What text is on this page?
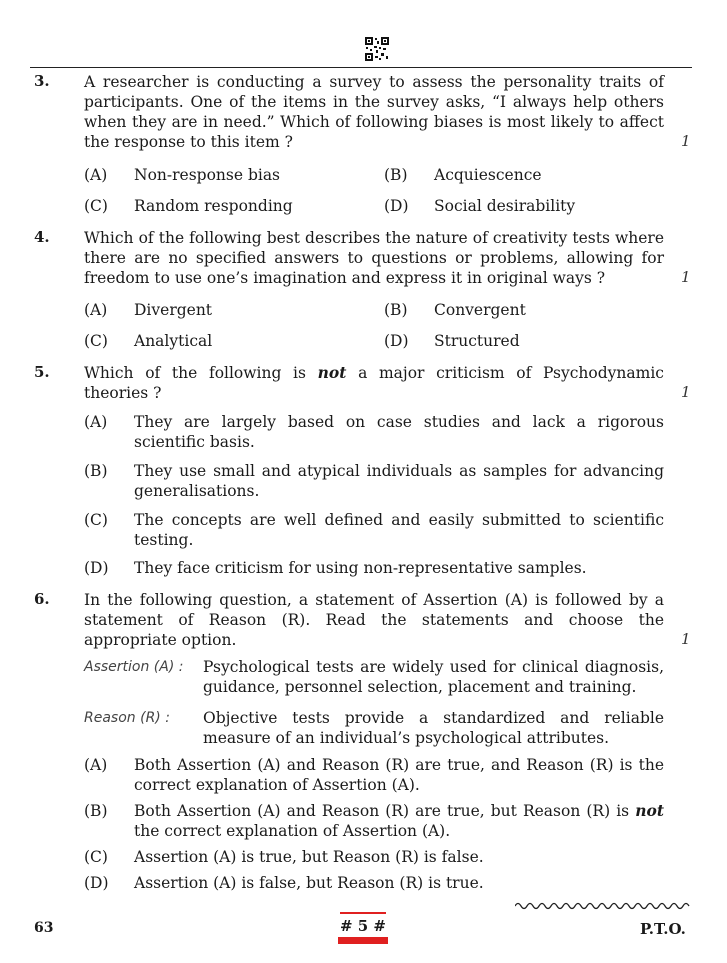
3. A researcher is conducting a survey to assess the personality traits of participants. One of the items in the survey asks, “I always help others when they are in need.” Which of following biases is most likely to affect the response to this item ?	1
(A) Non-response bias	(B) Acquiescence
(C) Random responding	(D) Social desirability
4. Which of the following best describes the nature of creativity tests where there are no specified answers to questions or problems, allowing for freedom to use one’s imagination and express it in original ways ?	1
(A) Divergent	(B) Convergent
(C) Analytical	(D) Structured
5. Which of the following is not a major criticism of Psychodynamic theories ?	1
(A) They are largely based on case studies and lack a rigorous scientific basis.
(B) They use small and atypical individuals as samples for advancing generalisations.
(C) The concepts are well defined and easily submitted to scientific testing.
(D) They face criticism for using non-representative samples.
6. In the following question, a statement of Assertion (A) is followed by a statement of Reason (R). Read the statements and choose the appropriate option.	1
Assertion (A) : Psychological tests are widely used for clinical diagnosis, guidance, personnel selection, placement and training.
Reason (R) : Objective tests provide a standardized and reliable measure of an individual’s psychological attributes.
(A) Both Assertion (A) and Reason (R) are true, and Reason (R) is the correct explanation of Assertion (A).
(B) Both Assertion (A) and Reason (R) are true, but Reason (R) is not the correct explanation of Assertion (A).
(C) Assertion (A) is true, but Reason (R) is false.
(D) Assertion (A) is false, but Reason (R) is true.
63	# 5 #	P.T.O.
